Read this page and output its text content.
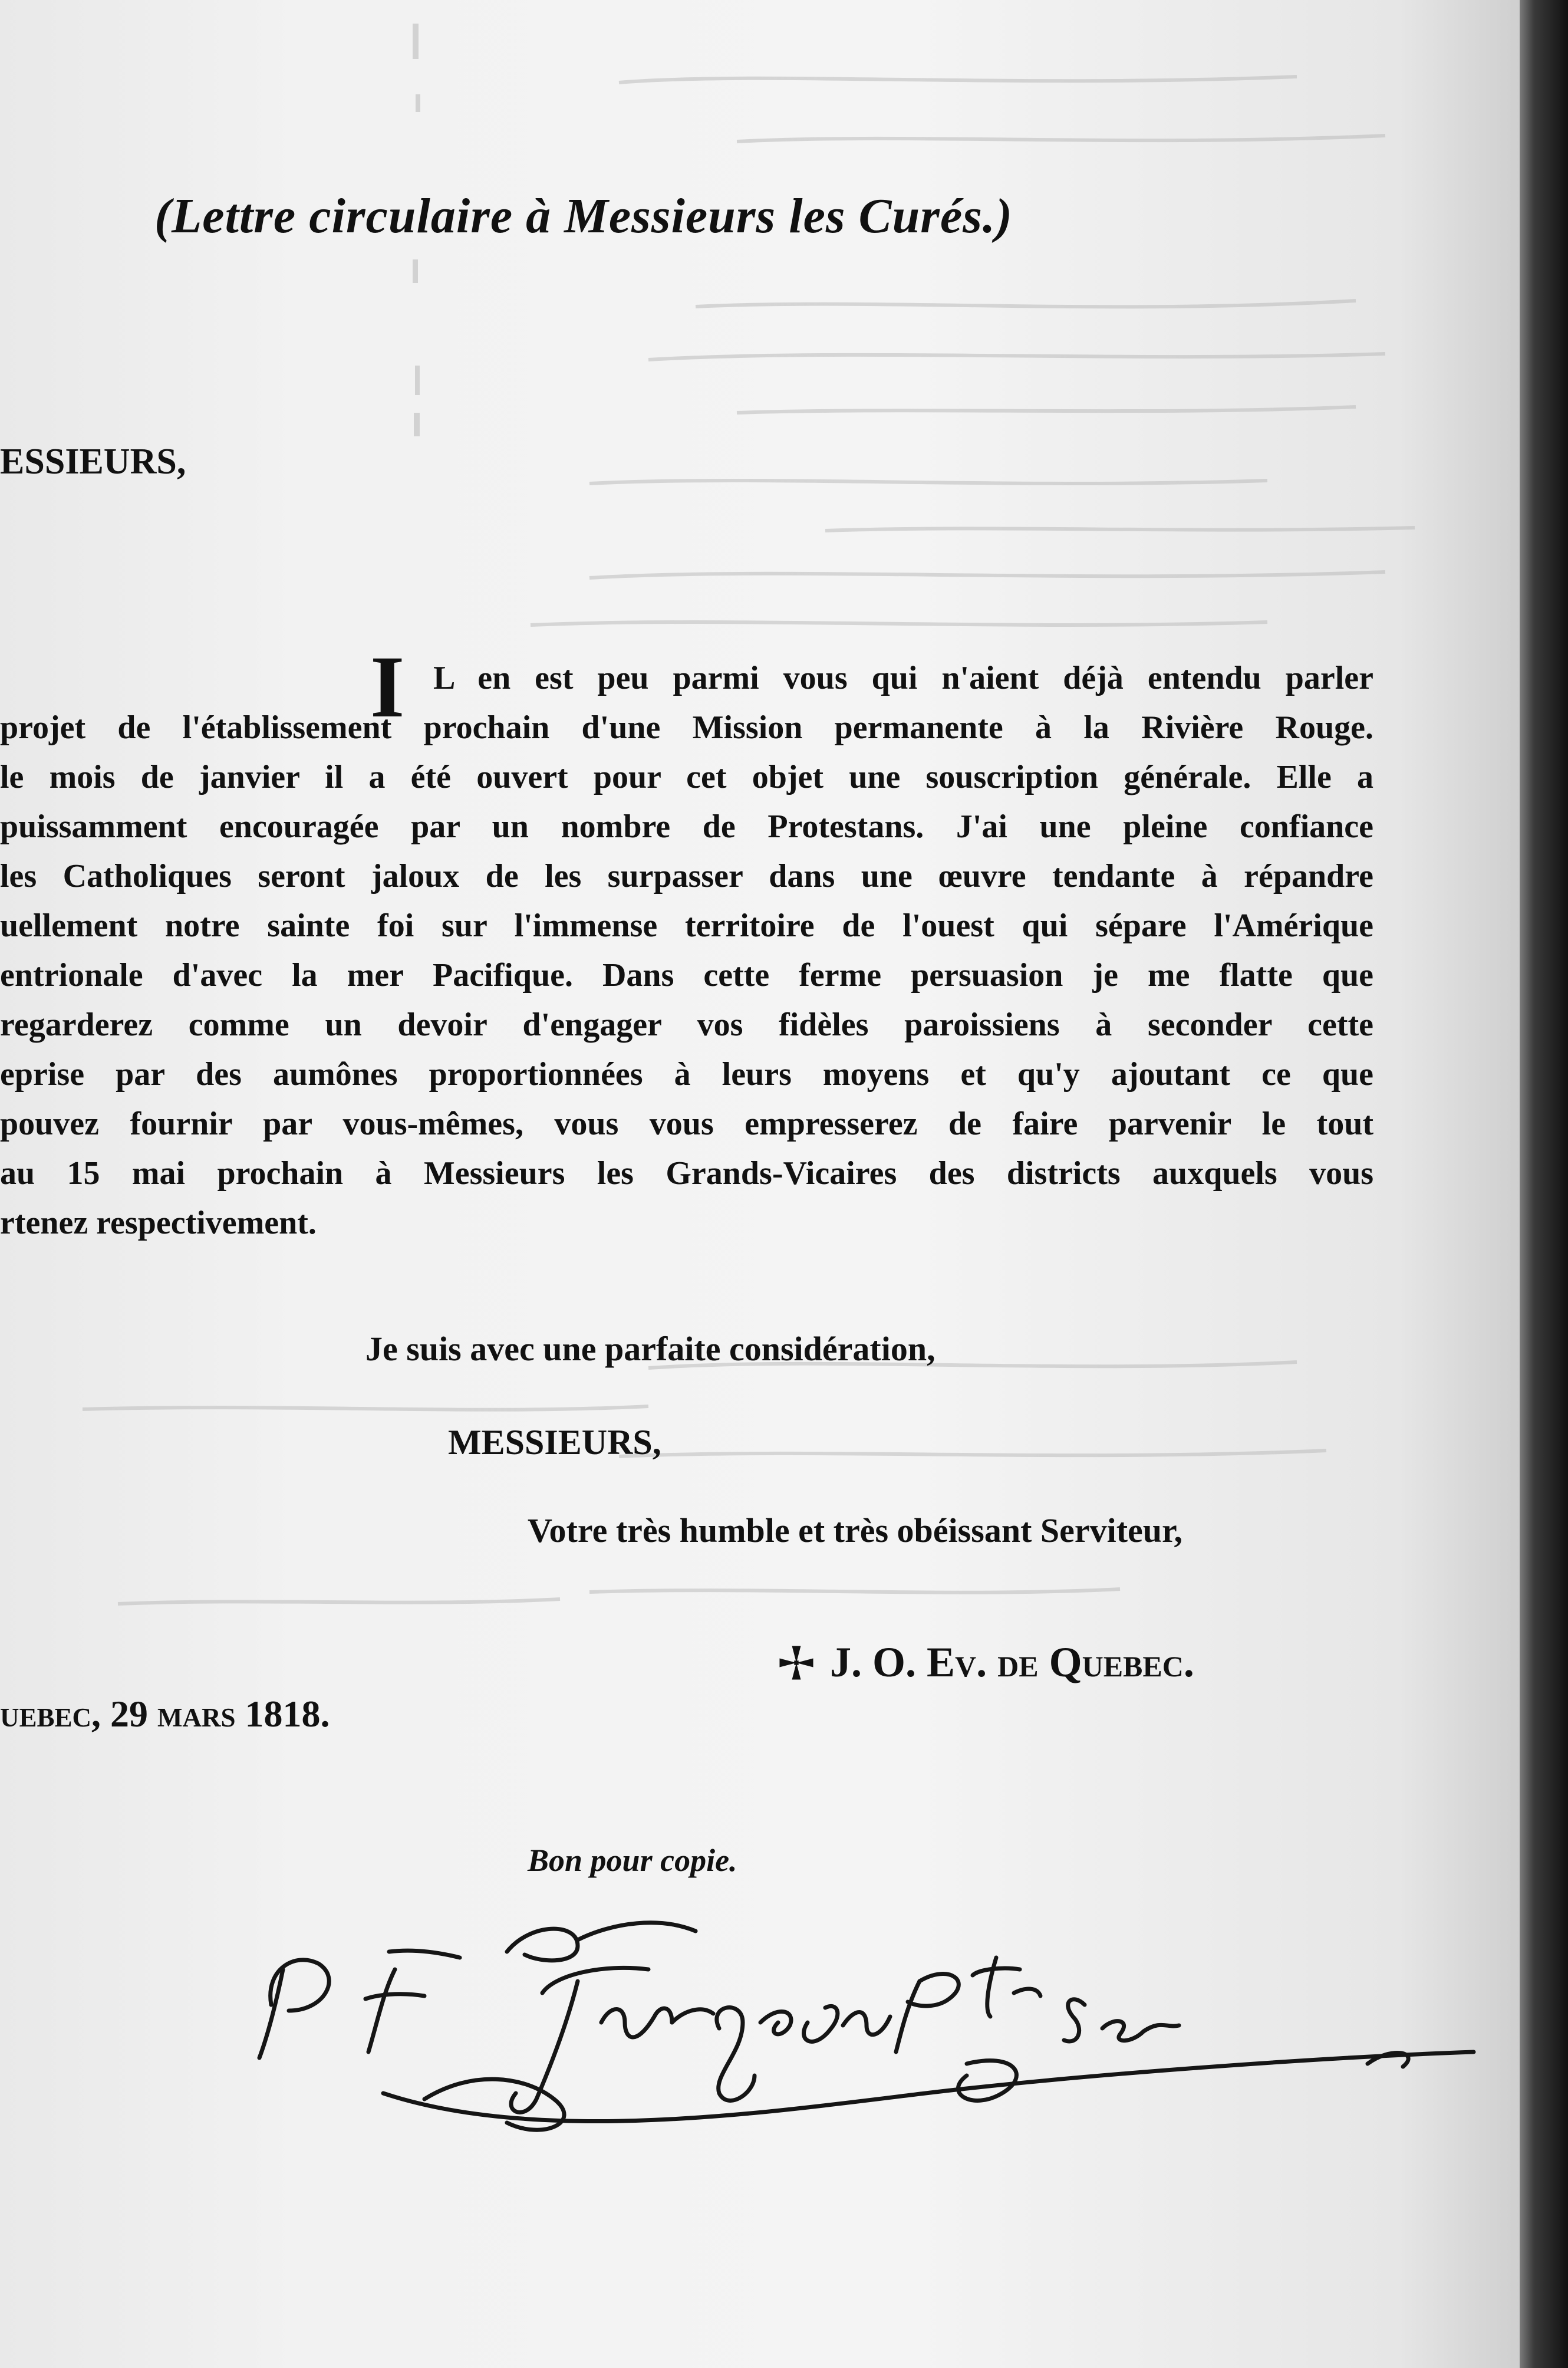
(Lettre circulaire à Messieurs les Curés.)
ESSIEURS,
I L en est peu parmi vous qui n'aient déjà entendu parler
projet de l'établissement prochain d'une Mission permanente à la Rivière Rouge.
le mois de janvier il a été ouvert pour cet objet une souscription générale. Elle a
puissamment encouragée par un nombre de Protestans. J'ai une pleine confiance
les Catholiques seront jaloux de les surpasser dans une œuvre tendante à répandre
uellement notre sainte foi sur l'immense territoire de l'ouest qui sépare l'Amérique
entrionale d'avec la mer Pacifique. Dans cette ferme persuasion je me flatte que
regarderez comme un devoir d'engager vos fidèles paroissiens à seconder cette
eprise par des aumônes proportionnées à leurs moyens et qu'y ajoutant ce que
pouvez fournir par vous-mêmes, vous vous empresserez de faire parvenir le tout
au 15 mai prochain à Messieurs les Grands-Vicaires des districts auxquels vous
rtenez respectivement.
Je suis avec une parfaite considération,
MESSIEURS,
Votre très humble et très obéissant Serviteur,
J. O. Ev. de Quebec.
uebec, 29 mars 1818.
Bon pour copie.
P. F. Turgeon Ptre Secr
